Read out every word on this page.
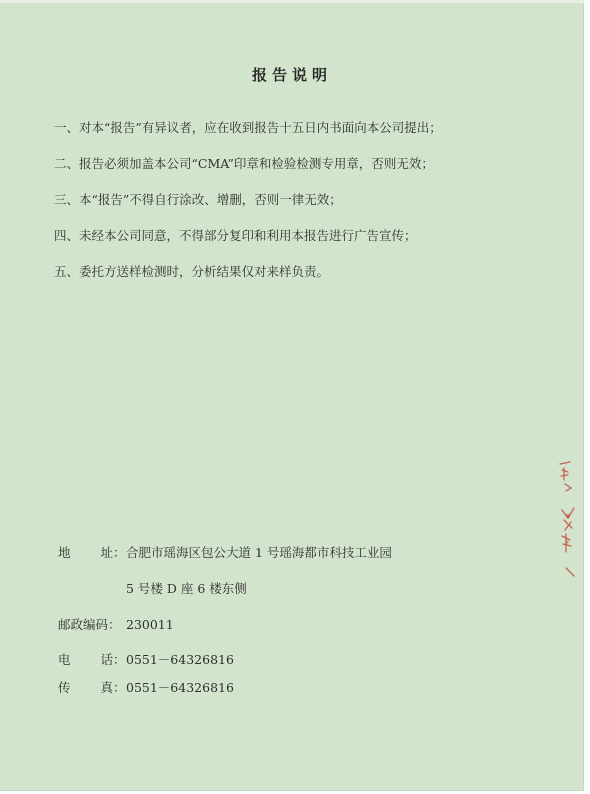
报告说明
一、对本“报告”有异议者，应在收到报告十五日内书面向本公司提出；
二、报告必须加盖本公司“CMA”印章和检验检测专用章，否则无效；
三、本“报告”不得自行涂改、增删，否则一律无效；
四、未经本公司同意，不得部分复印和利用本报告进行广告宣传；
五、委托方送样检测时，分析结果仅对来样负责。
地 址 ：合肥市瑶海区包公大道 1 号瑶海都市科技工业园
5 号楼 D 座 6 楼东侧
邮政编码： 230011
电 话 ：0551－64326816
传 真 ：0551－64326816
